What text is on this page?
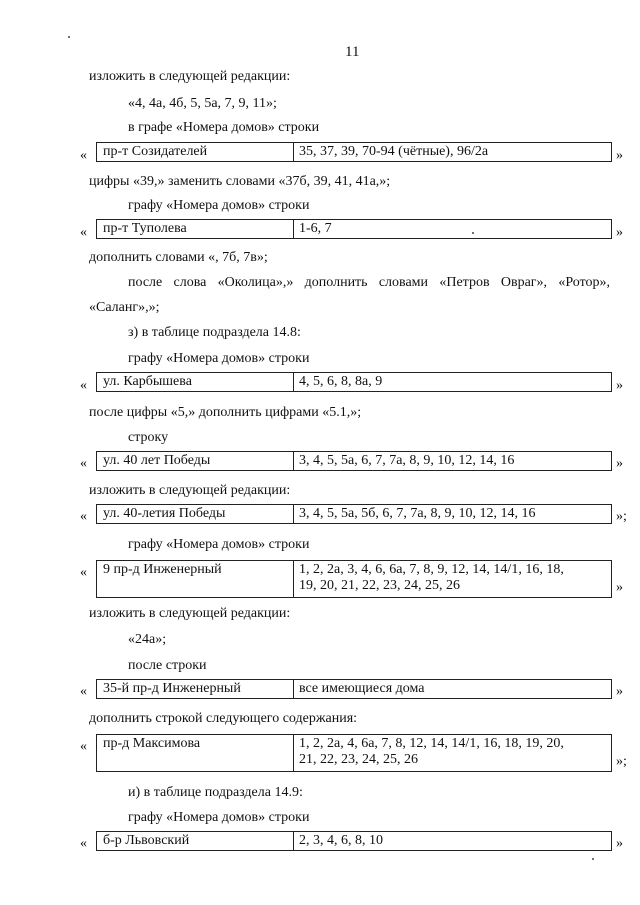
11
изложить в следующей редакции:
«4, 4а, 4б, 5, 5а, 7, 9, 11»;
в графе «Номера домов» строки
«	пр-т Созидателей	35, 37, 39, 70-94 (чётные), 96/2а	»
цифры «39,» заменить словами «37б, 39, 41, 41а,»;
графу «Номера домов» строки
«	пр-т Туполева	1-6, 7	»
дополнить словами «, 7б, 7в»;
после слова «Околица»,» дополнить словами «Петров Овраг», «Ротор»,
«Саланг»,»;
з) в таблице подраздела 14.8:
графу «Номера домов» строки
«	ул. Карбышева	4, 5, 6, 8, 8а, 9	»
после цифры «5,» дополнить цифрами «5.1,»;
строку
«	ул. 40 лет Победы	3, 4, 5, 5а, 6, 7, 7а, 8, 9, 10, 12, 14, 16	»
изложить в следующей редакции:
«	ул. 40-летия Победы	3, 4, 5, 5а, 5б, 6, 7, 7а, 8, 9, 10, 12, 14, 16	»;
графу «Номера домов» строки
«	9 пр-д Инженерный	1, 2, 2а, 3, 4, 6, 6а, 7, 8, 9, 12, 14, 14/1, 16, 18,
19, 20, 21, 22, 23, 24, 25, 26	»
изложить в следующей редакции:
«24а»;
после строки
«	35-й пр-д Инженерный	все имеющиеся дома	»
дополнить строкой следующего содержания:
«	пр-д Максимова	1, 2, 2а, 4, 6а, 7, 8, 12, 14, 14/1, 16, 18, 19, 20,
21, 22, 23, 24, 25, 26	»;
и) в таблице подраздела 14.9:
графу «Номера домов» строки
«	б-р Львовский	2, 3, 4, 6, 8, 10	»
